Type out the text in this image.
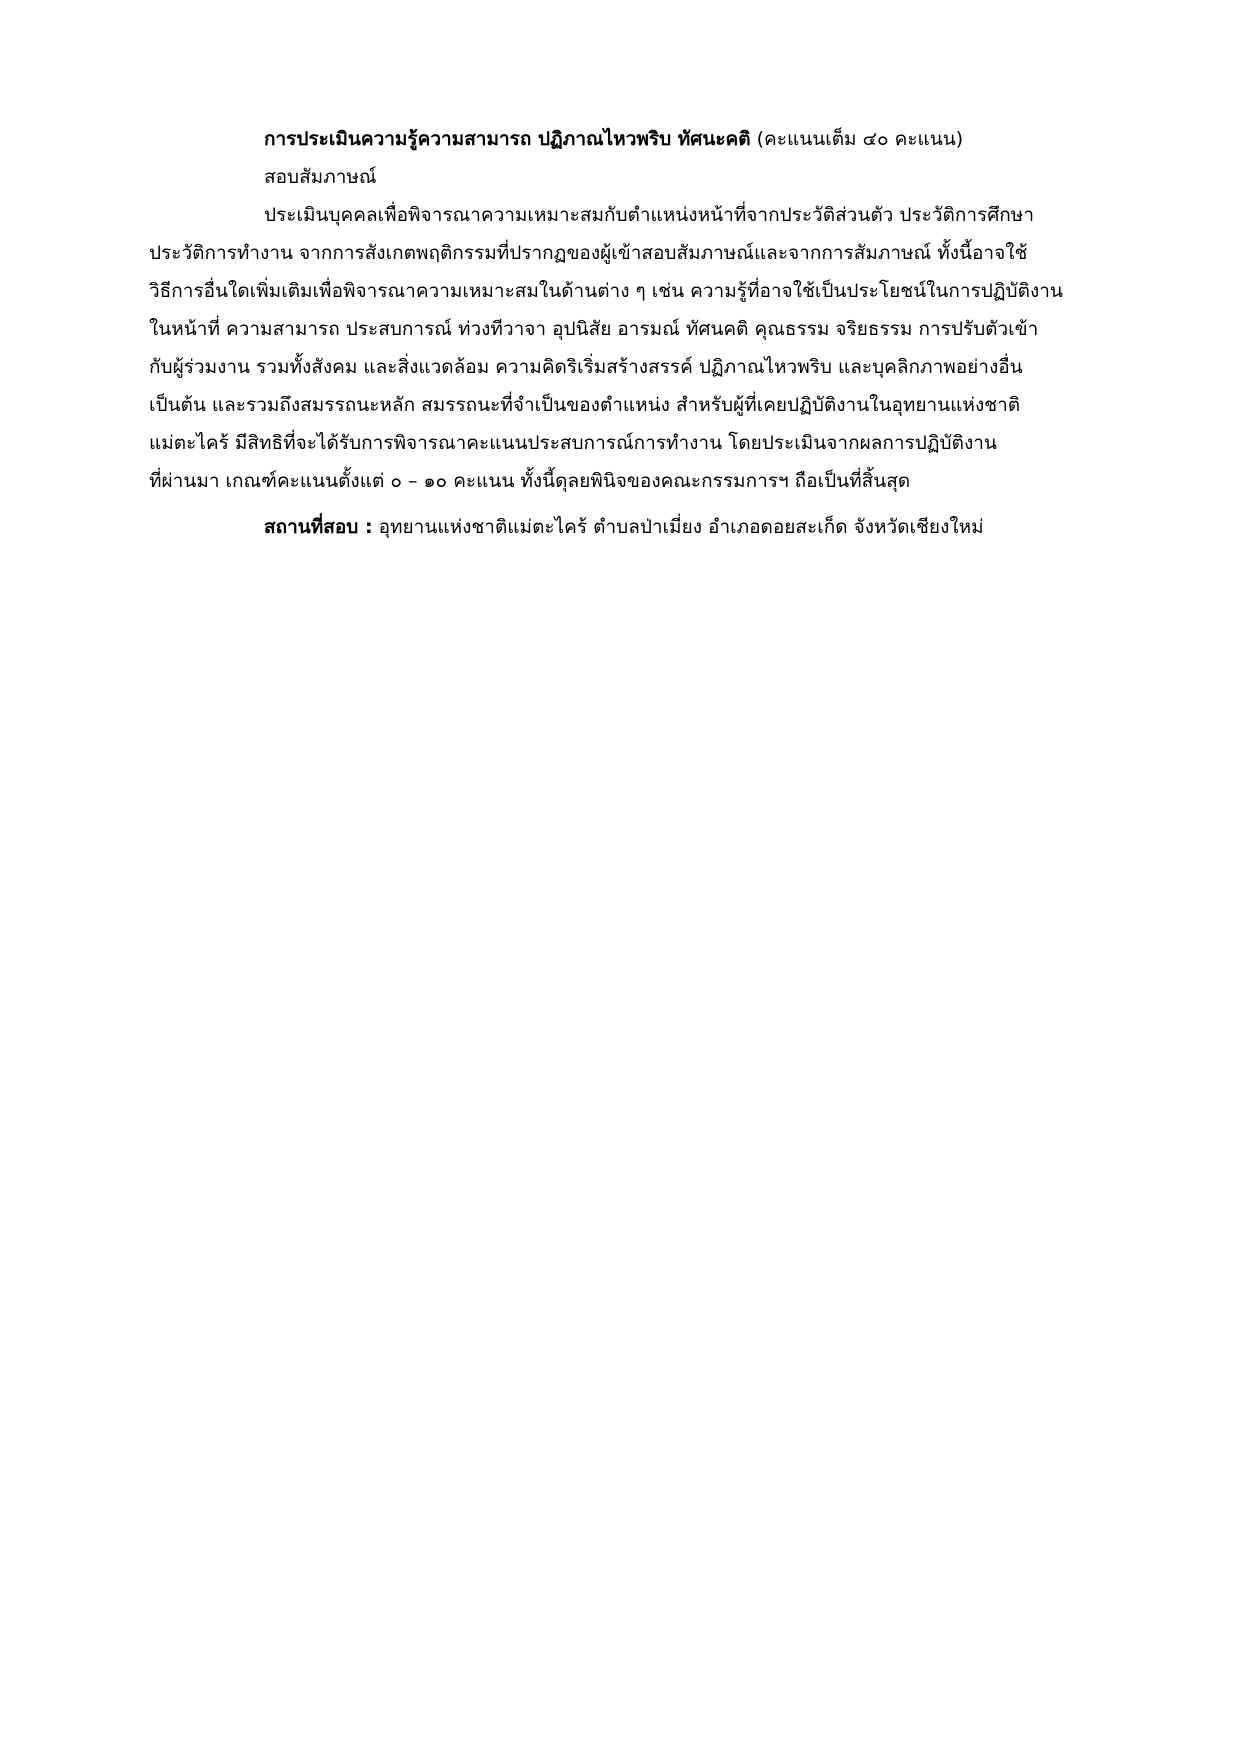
การประเมินความรู้ความสามารถ ปฏิภาณไหวพริบ ทัศนะคติ (คะแนนเต็ม ๔๐ คะแนน)
สอบสัมภาษณ์
ประเมินบุคคลเพื่อพิจารณาความเหมาะสมกับตำแหน่งหน้าที่จากประวัติส่วนตัว ประวัติการศึกษา
ประวัติการทำงาน จากการสังเกตพฤติกรรมที่ปรากฏของผู้เข้าสอบสัมภาษณ์และจากการสัมภาษณ์ ทั้งนี้อาจใช้
วิธีการอื่นใดเพิ่มเติมเพื่อพิจารณาความเหมาะสมในด้านต่าง ๆ เช่น ความรู้ที่อาจใช้เป็นประโยชน์ในการปฏิบัติงาน
ในหน้าที่ ความสามารถ ประสบการณ์ ท่วงทีวาจา อุปนิสัย อารมณ์ ทัศนคติ คุณธรรม จริยธรรม การปรับตัวเข้า
กับผู้ร่วมงาน รวมทั้งสังคม และสิ่งแวดล้อม ความคิดริเริ่มสร้างสรรค์ ปฏิภาณไหวพริบ และบุคลิกภาพอย่างอื่น
เป็นต้น และรวมถึงสมรรถนะหลัก สมรรถนะที่จำเป็นของตำแหน่ง สำหรับผู้ที่เคยปฏิบัติงานในอุทยานแห่งชาติ
แม่ตะไคร้ มีสิทธิที่จะได้รับการพิจารณาคะแนนประสบการณ์การทำงาน โดยประเมินจากผลการปฏิบัติงาน
ที่ผ่านมา เกณฑ์คะแนนตั้งแต่ ๐ – ๑๐ คะแนน ทั้งนี้ดุลยพินิจของคณะกรรมการฯ ถือเป็นที่สิ้นสุด
สถานที่สอบ : อุทยานแห่งชาติแม่ตะไคร้ ตำบลป่าเมี่ยง อำเภอดอยสะเก็ด จังหวัดเชียงใหม่
